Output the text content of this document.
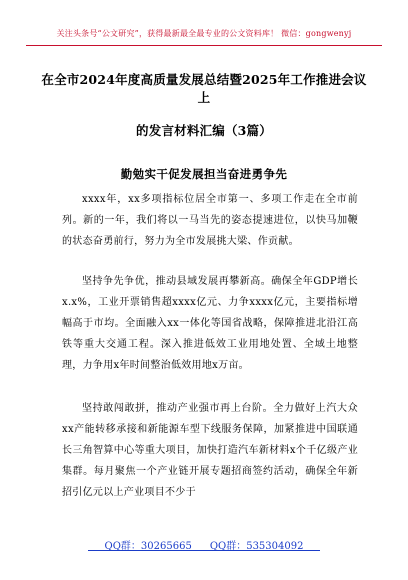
关注头条号“公文研究”，获得最新最全最专业的公文资料库！ 微信：gongwenyj
在全市2024年度高质量发展总结暨2025年工作推进会议上
的发言材料汇编（3篇）
勤勉实干促发展担当奋进勇争先
xxxx年，xx多项指标位居全市第一、多项工作走在全市前列。新的一年，我们将以一马当先的姿态提速进位，以快马加鞭的状态奋勇前行，努力为全市发展挑大梁、作贡献。
坚持争先争优，推动县域发展再攀新高。确保全年GDP增长x.x%，工业开票销售超xxxx亿元、力争xxxx亿元，主要指标增幅高于市均。全面融入xx一体化等国省战略，保障推进北沿江高铁等重大交通工程。深入推进低效工业用地处置、全域土地整理，力争用x年时间整治低效用地x万亩。
坚持敢闯敢拼，推动产业强市再上台阶。全力做好上汽大众xx产能转移承接和新能源车型下线服务保障，加紧推进中国联通长三角智算中心等重大项目，加快打造汽车新材料x个千亿级产业集群。每月聚焦一个产业链开展专题招商签约活动，确保全年新招引亿元以上产业项目不少于
QQ群：30265665 QQ群：535304092
